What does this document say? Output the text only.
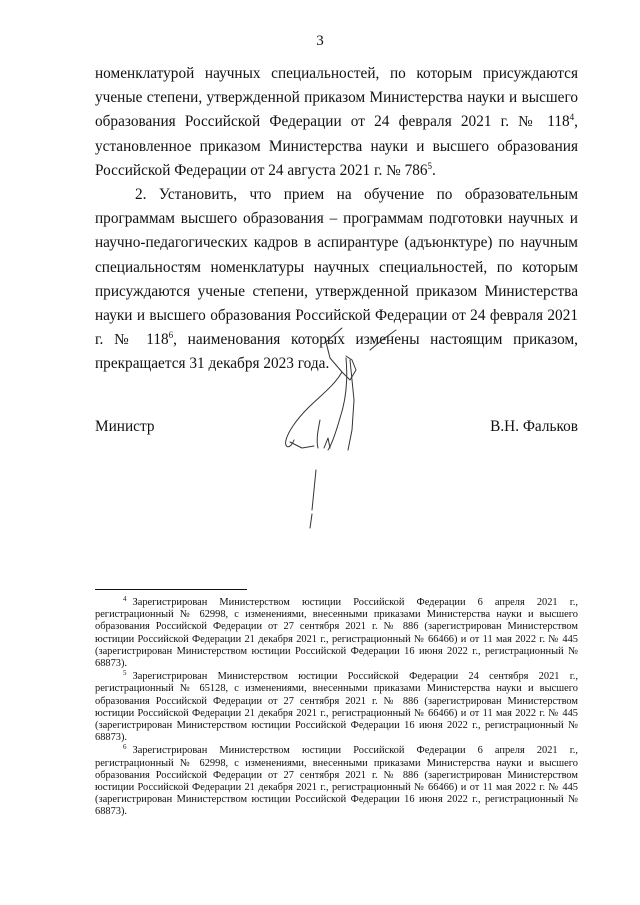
3

номенклатурой научных специальностей, по которым присуждаются ученые степени, утвержденной приказом Министерства науки и высшего образования Российской Федерации от 24 февраля 2021 г. № $118^4$, установленное приказом Министерства науки и высшего образования Российской Федерации от 24 августа 2021 г. № $786^5$.

2. Установить, что прием на обучение по образовательным программам высшего образования – программам подготовки научных и научно-педагогических кадров в аспирантуре (адъюнктуре) по научным специальностям номенклатуры научных специальностей, по которым присуждаются ученые степени, утвержденной приказом Министерства науки и высшего образования Российской Федерации от 24 февраля 2021 г. № $118^6$, наименования которых изменены настоящим приказом, прекращается 31 декабря 2023 года.

Министр	В.Н. Фальков

$^4$ Зарегистрирован Министерством юстиции Российской Федерации 6 апреля 2021 г., регистрационный № 62998, с изменениями, внесенными приказами Министерства науки и высшего образования Российской Федерации от 27 сентября 2021 г. № 886 (зарегистрирован Министерством юстиции Российской Федерации 21 декабря 2021 г., регистрационный № 66466) и от 11 мая 2022 г. № 445 (зарегистрирован Министерством юстиции Российской Федерации 16 июня 2022 г., регистрационный № 68873).

$^5$ Зарегистрирован Министерством юстиции Российской Федерации 24 сентября 2021 г., регистрационный № 65128, с изменениями, внесенными приказами Министерства науки и высшего образования Российской Федерации от 27 сентября 2021 г. № 886 (зарегистрирован Министерством юстиции Российской Федерации 21 декабря 2021 г., регистрационный № 66466) и от 11 мая 2022 г. № 445 (зарегистрирован Министерством юстиции Российской Федерации 16 июня 2022 г., регистрационный № 68873).

$^6$ Зарегистрирован Министерством юстиции Российской Федерации 6 апреля 2021 г., регистрационный № 62998, с изменениями, внесенными приказами Министерства науки и высшего образования Российской Федерации от 27 сентября 2021 г. № 886 (зарегистрирован Министерством юстиции Российской Федерации 21 декабря 2021 г., регистрационный № 66466) и от 11 мая 2022 г. № 445 (зарегистрирован Министерством юстиции Российской Федерации 16 июня 2022 г., регистрационный № 68873).
